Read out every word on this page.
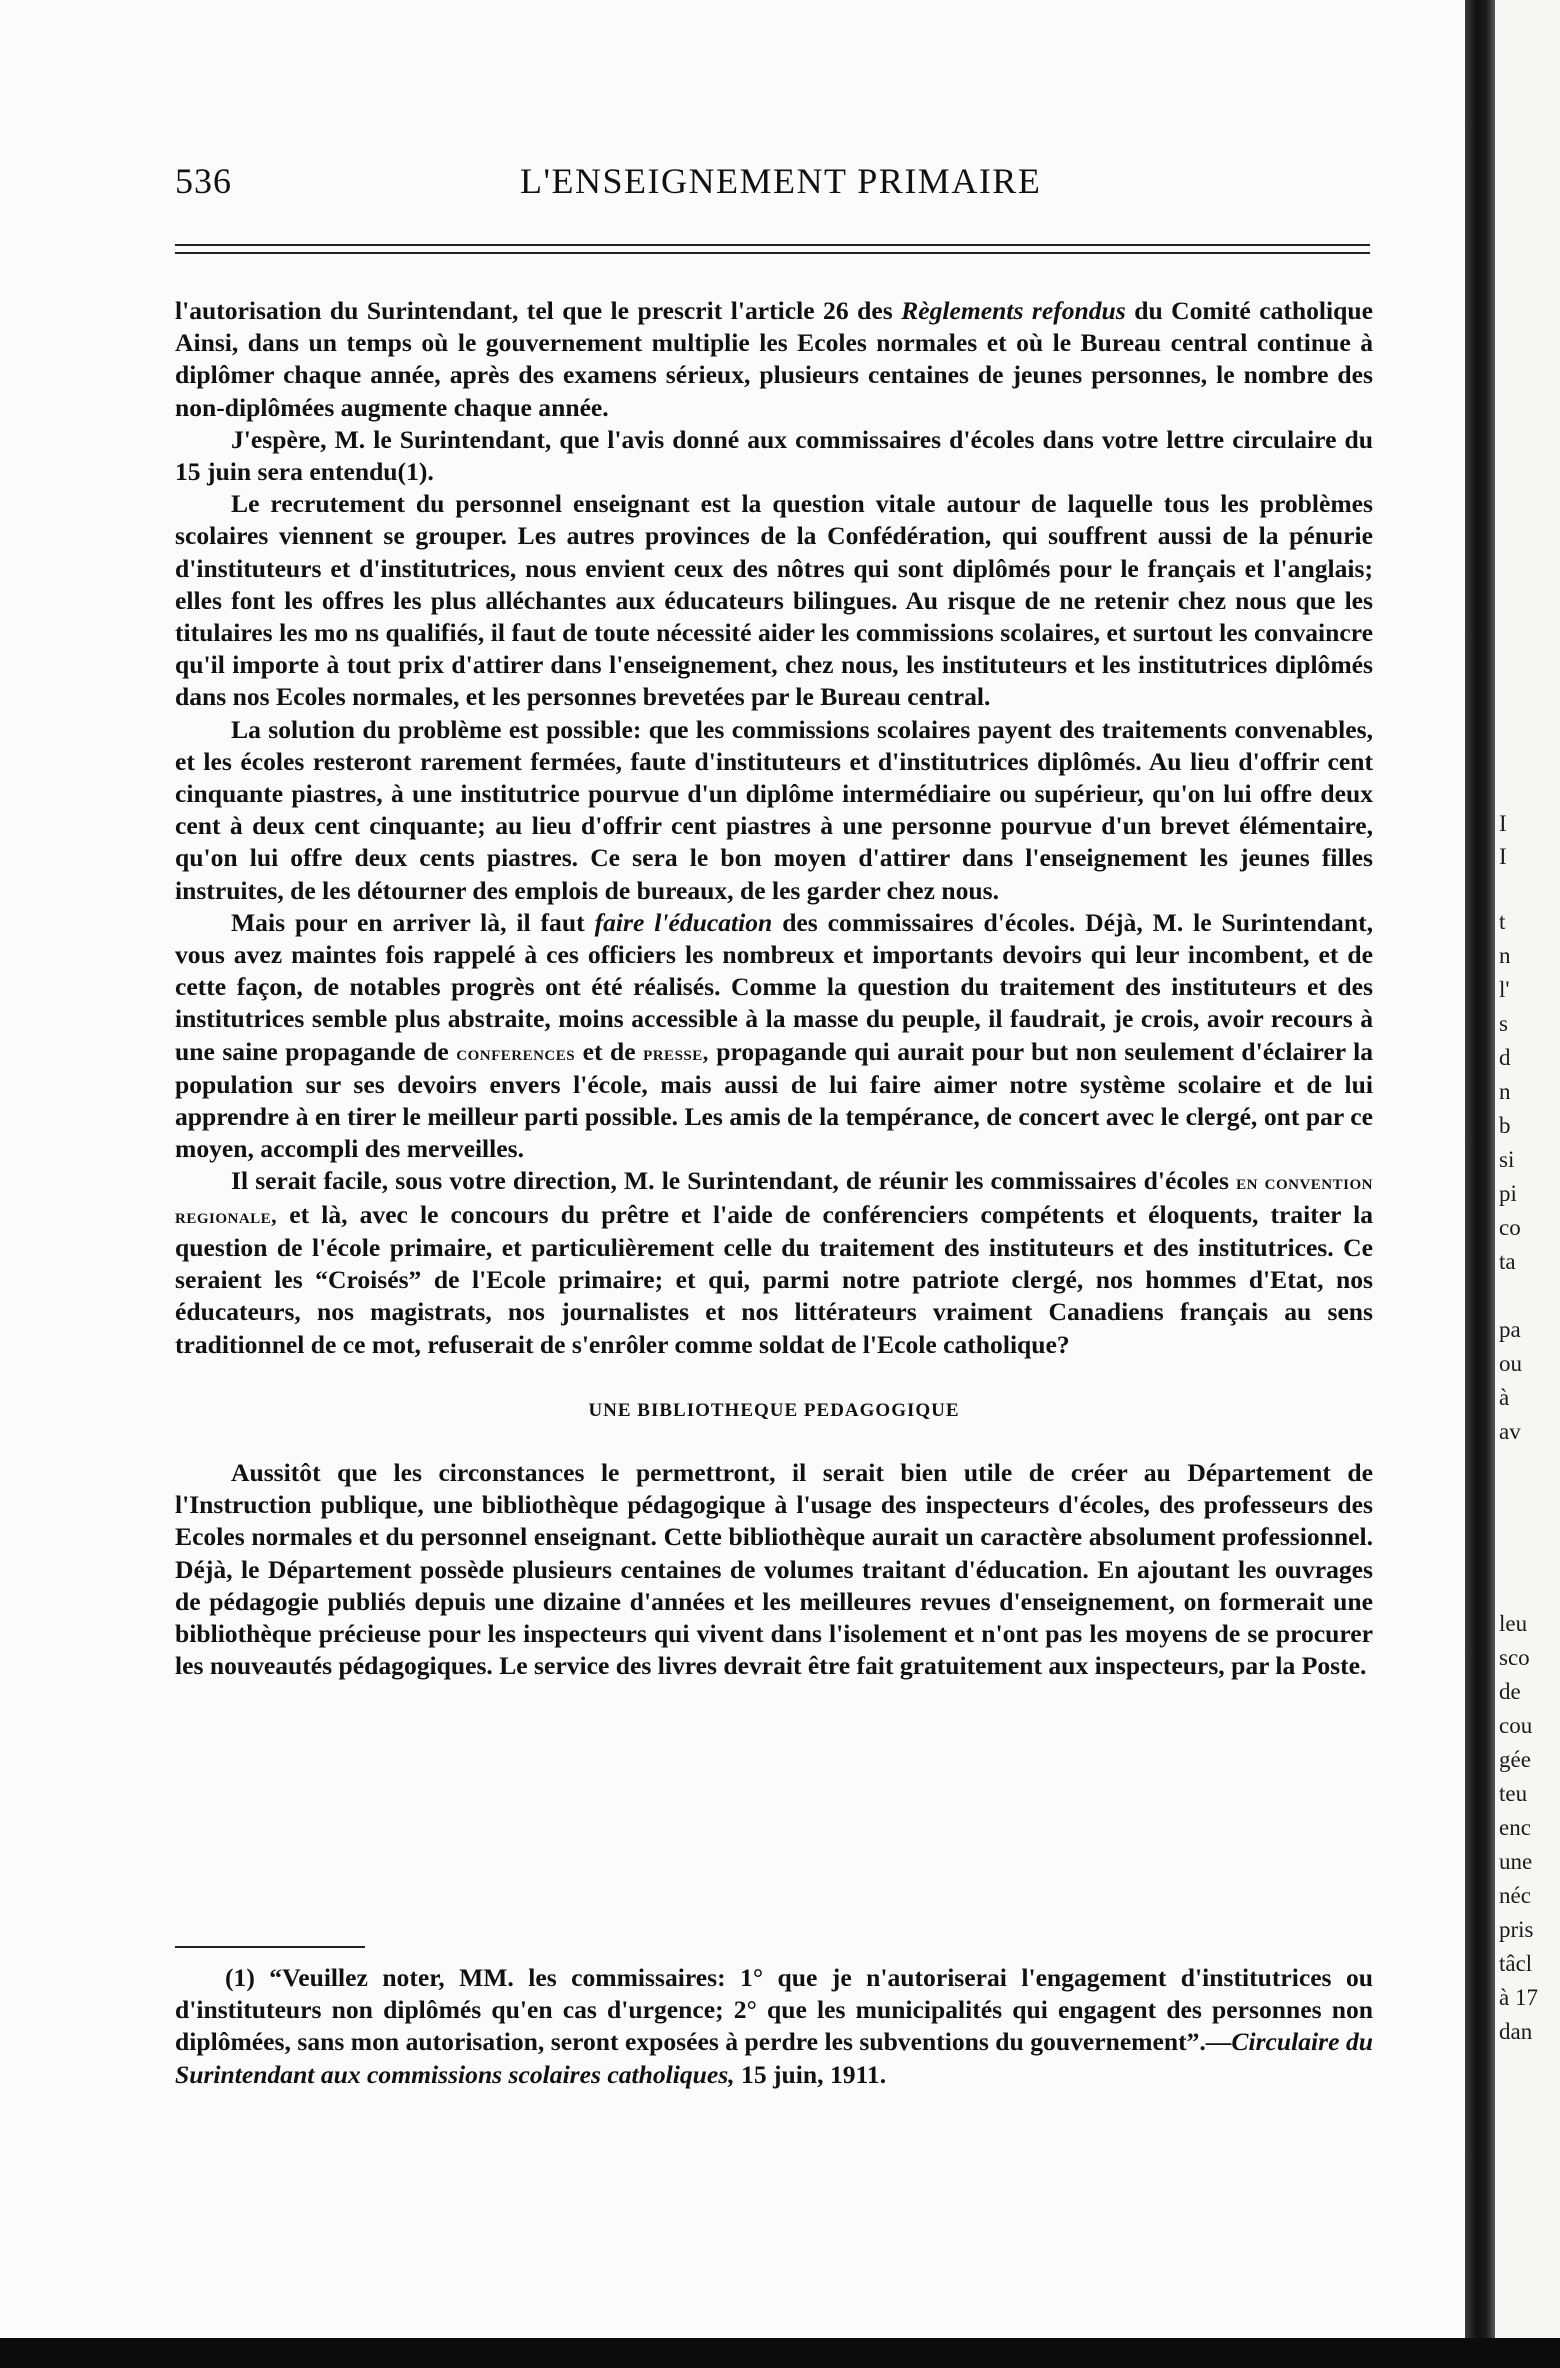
536	L'ENSEIGNEMENT PRIMAIRE

l'autorisation du Surintendant, tel que le prescrit l'article 26 des Règlements refondus du Comité catholique Ainsi, dans un temps où le gouvernement multiplie les Ecoles normales et où le Bureau central continue à diplômer chaque année, après des examens sérieux, plusieurs centaines de jeunes personnes, le nombre des non-diplômées augmente chaque année.

J'espère, M. le Surintendant, que l'avis donné aux commissaires d'écoles dans votre lettre circulaire du 15 juin sera entendu(1).

Le recrutement du personnel enseignant est la question vitale autour de laquelle tous les problèmes scolaires viennent se grouper. Les autres provinces de la Confédération, qui souffrent aussi de la pénurie d'instituteurs et d'institutrices, nous envient ceux des nôtres qui sont diplômés pour le français et l'anglais; elles font les offres les plus alléchantes aux éducateurs bilingues. Au risque de ne retenir chez nous que les titulaires les mo ns qualifiés, il faut de toute nécessité aider les commissions scolaires, et surtout les convaincre qu'il importe à tout prix d'attirer dans l'enseignement, chez nous, les instituteurs et les institutrices diplômés dans nos Ecoles normales, et les personnes brevetées par le Bureau central.

La solution du problème est possible: que les commissions scolaires payent des traitements convenables, et les écoles resteront rarement fermées, faute d'instituteurs et d'institutrices diplômés. Au lieu d'offrir cent cinquante piastres, à une institutrice pourvue d'un diplôme intermédiaire ou supérieur, qu'on lui offre deux cent à deux cent cinquante; au lieu d'offrir cent piastres à une personne pourvue d'un brevet élémentaire, qu'on lui offre deux cents piastres. Ce sera le bon moyen d'attirer dans l'enseignement les jeunes filles instruites, de les détourner des emplois de bureaux, de les garder chez nous.

Mais pour en arriver là, il faut faire l'éducation des commissaires d'écoles. Déjà, M. le Surintendant, vous avez maintes fois rappelé à ces officiers les nombreux et importants devoirs qui leur incombent, et de cette façon, de notables progrès ont été réalisés. Comme la question du traitement des instituteurs et des institutrices semble plus abstraite, moins accessible à la masse du peuple, il faudrait, je crois, avoir recours à une saine propagande de conferences et de presse, propagande qui aurait pour but non seulement d'éclairer la population sur ses devoirs envers l'école, mais aussi de lui faire aimer notre système scolaire et de lui apprendre à en tirer le meilleur parti possible. Les amis de la tempérance, de concert avec le clergé, ont par ce moyen, accompli des merveilles.

Il serait facile, sous votre direction, M. le Surintendant, de réunir les commissaires d'écoles en convention regionale, et là, avec le concours du prêtre et l'aide de conférenciers compétents et éloquents, traiter la question de l'école primaire, et particulièrement celle du traitement des instituteurs et des institutrices. Ce seraient les “Croisés” de l'Ecole primaire; et qui, parmi notre patriote clergé, nos hommes d'Etat, nos éducateurs, nos magistrats, nos journalistes et nos littérateurs vraiment Canadiens français au sens traditionnel de ce mot, refuserait de s'enrôler comme soldat de l'Ecole catholique?

UNE BIBLIOTHEQUE PEDAGOGIQUE

Aussitôt que les circonstances le permettront, il serait bien utile de créer au Département de l'Instruction publique, une bibliothèque pédagogique à l'usage des inspecteurs d'écoles, des professeurs des Ecoles normales et du personnel enseignant. Cette bibliothèque aurait un caractère absolument professionnel. Déjà, le Département possède plusieurs centaines de volumes traitant d'éducation. En ajoutant les ouvrages de pédagogie publiés depuis une dizaine d'années et les meilleures revues d'enseignement, on formerait une bibliothèque précieuse pour les inspecteurs qui vivent dans l'isolement et n'ont pas les moyens de se procurer les nouveautés pédagogiques. Le service des livres devrait être fait gratuitement aux inspecteurs, par la Poste.

(1) “Veuillez noter, MM. les commissaires: 1° que je n'autoriserai l'engagement d'institutrices ou d'instituteurs non diplômés qu'en cas d'urgence; 2° que les municipalités qui engagent des personnes non diplômées, sans mon autorisation, seront exposées à perdre les subventions du gouvernement”.—Circulaire du Surintendant aux commissions scolaires catholiques, 15 juin, 1911.

I
I
t
n
l'
s
d
n
b
si
pi
co
ta
pa
ou
à
av
leu
sco
de
cou
gée
teu
enc
une
néc
pris
tâcl
à 17
dan
